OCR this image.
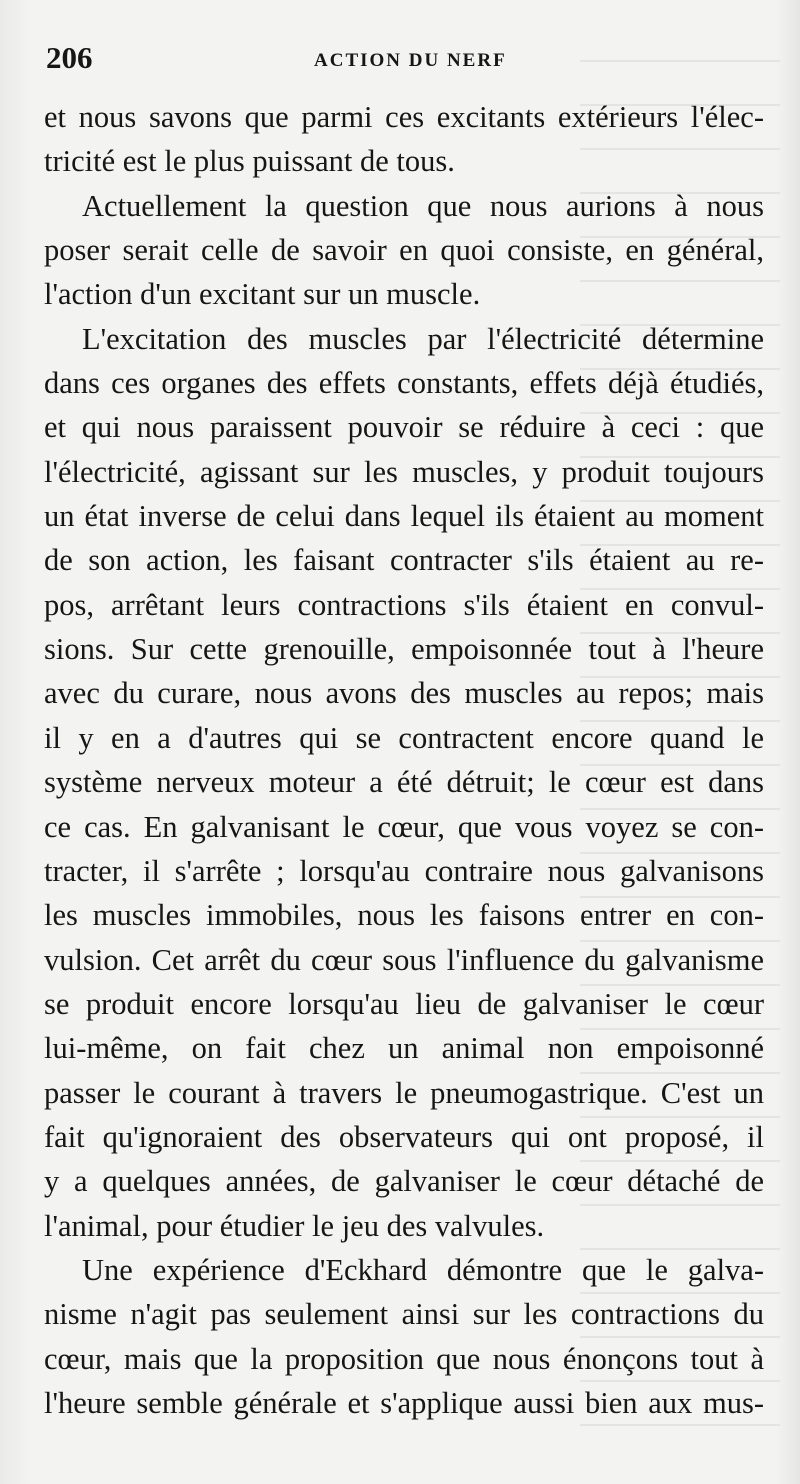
206	ACTION DU NERF
et nous savons que parmi ces excitants extérieurs l'élec-
tricité est le plus puissant de tous.
Actuellement la question que nous aurions à nous
poser serait celle de savoir en quoi consiste, en général,
l'action d'un excitant sur un muscle.
L'excitation des muscles par l'électricité détermine
dans ces organes des effets constants, effets déjà étudiés,
et qui nous paraissent pouvoir se réduire à ceci : que
l'électricité, agissant sur les muscles, y produit toujours
un état inverse de celui dans lequel ils étaient au moment
de son action, les faisant contracter s'ils étaient au re-
pos, arrêtant leurs contractions s'ils étaient en convul-
sions. Sur cette grenouille, empoisonnée tout à l'heure
avec du curare, nous avons des muscles au repos; mais
il y en a d'autres qui se contractent encore quand le
système nerveux moteur a été détruit; le cœur est dans
ce cas. En galvanisant le cœur, que vous voyez se con-
tracter, il s'arrête ; lorsqu'au contraire nous galvanisons
les muscles immobiles, nous les faisons entrer en con-
vulsion. Cet arrêt du cœur sous l'influence du galvanisme
se produit encore lorsqu'au lieu de galvaniser le cœur
lui-même, on fait chez un animal non empoisonné
passer le courant à travers le pneumogastrique. C'est un
fait qu'ignoraient des observateurs qui ont proposé, il
y a quelques années, de galvaniser le cœur détaché de
l'animal, pour étudier le jeu des valvules.
Une expérience d'Eckhard démontre que le galva-
nisme n'agit pas seulement ainsi sur les contractions du
cœur, mais que la proposition que nous énonçons tout à
l'heure semble générale et s'applique aussi bien aux mus-
